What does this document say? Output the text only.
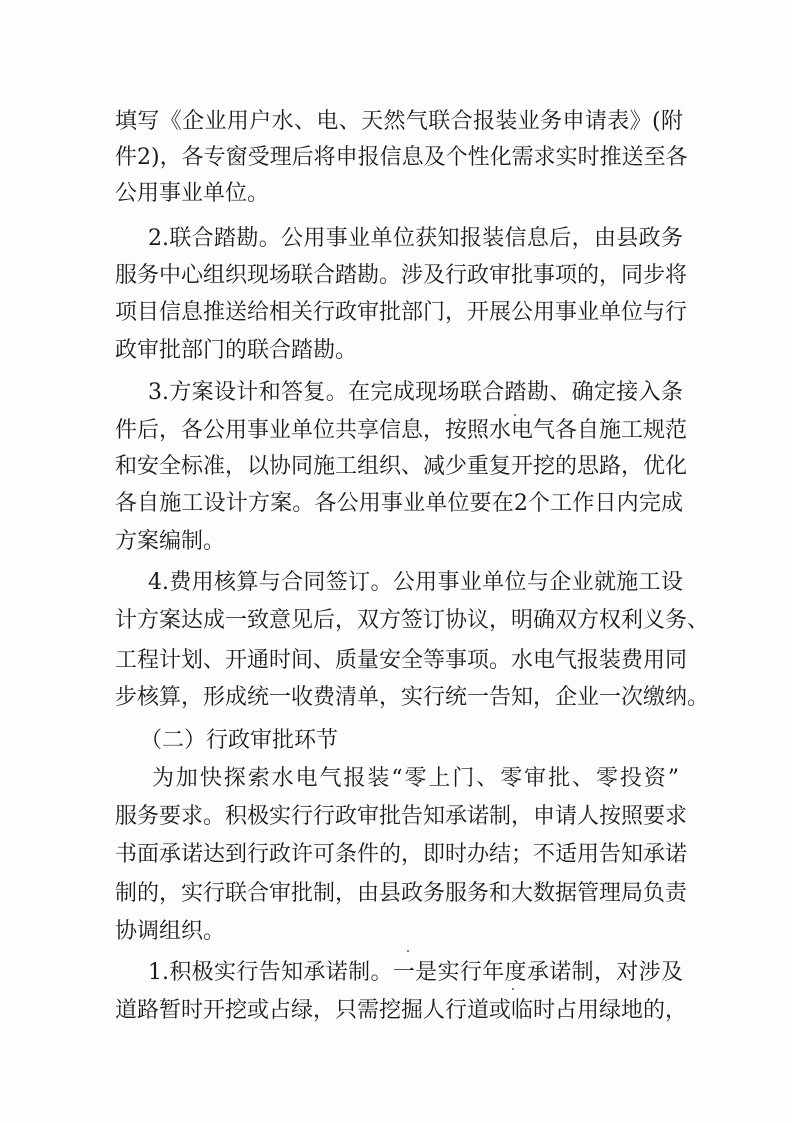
填写《企业用户水、电、天然气联合报装业务申请表》(附
件2)，各专窗受理后将申报信息及个性化需求实时推送至各
公用事业单位。
2.联合踏勘。公用事业单位获知报装信息后，由县政务
服务中心组织现场联合踏勘。涉及行政审批事项的，同步将
项目信息推送给相关行政审批部门，开展公用事业单位与行
政审批部门的联合踏勘。
3.方案设计和答复。在完成现场联合踏勘、确定接入条
件后，各公用事业单位共享信息，按照水电气各自施工规范
和安全标准，以协同施工组织、减少重复开挖的思路，优化
各自施工设计方案。各公用事业单位要在2个工作日内完成
方案编制。
4.费用核算与合同签订。公用事业单位与企业就施工设
计方案达成一致意见后，双方签订协议，明确双方权利义务、
工程计划、开通时间、质量安全等事项。水电气报装费用同
步核算，形成统一收费清单，实行统一告知，企业一次缴纳。
（二）行政审批环节
为加快探索水电气报装“零上门、零审批、零投资”
服务要求。积极实行行政审批告知承诺制，申请人按照要求
书面承诺达到行政许可条件的，即时办结；不适用告知承诺
制的，实行联合审批制，由县政务服务和大数据管理局负责
协调组织。
1.积极实行告知承诺制。一是实行年度承诺制，对涉及
道路暂时开挖或占绿，只需挖掘人行道或临时占用绿地的，
